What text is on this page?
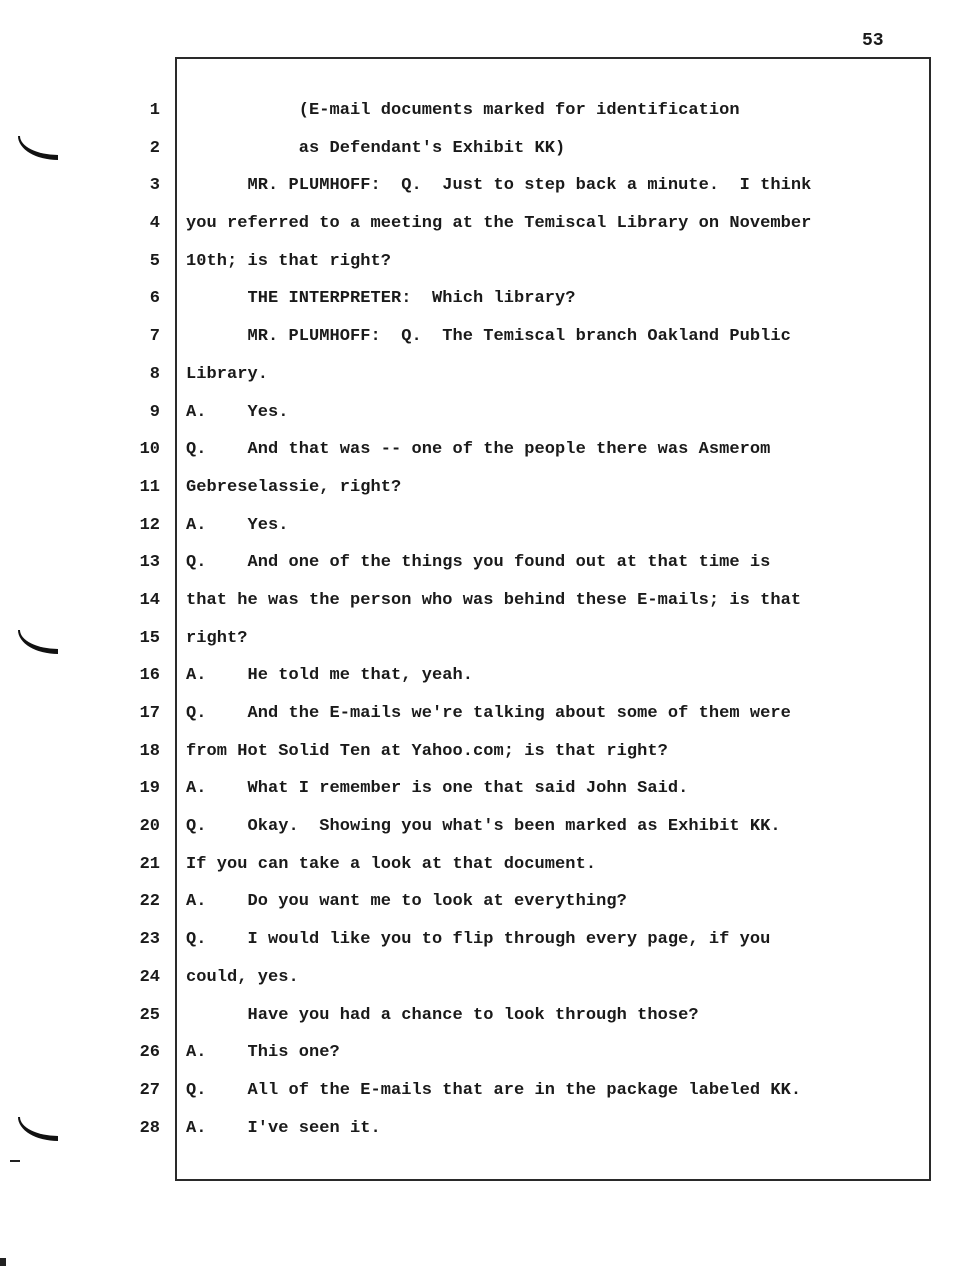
53
1
2
3
4
5
6
7
8
9
10
11
12
13
14
15
16
17
18
19
20
21
22
23
24
25
26
27
28
(E-mail documents marked for identification
as Defendant's Exhibit KK)
MR. PLUMHOFF:  Q.  Just to step back a minute.  I think
you referred to a meeting at the Temiscal Library on November
10th; is that right?
THE INTERPRETER:  Which library?
MR. PLUMHOFF:  Q.  The Temiscal branch Oakland Public
Library.
A.    Yes.
Q.    And that was -- one of the people there was Asmerom
Gebreselassie, right?
A.    Yes.
Q.    And one of the things you found out at that time is
that he was the person who was behind these E-mails; is that
right?
A.    He told me that, yeah.
Q.    And the E-mails we're talking about some of them were
from Hot Solid Ten at Yahoo.com; is that right?
A.    What I remember is one that said John Said.
Q.    Okay.  Showing you what's been marked as Exhibit KK.
If you can take a look at that document.
A.    Do you want me to look at everything?
Q.    I would like you to flip through every page, if you
could, yes.
Have you had a chance to look through those?
A.    This one?
Q.    All of the E-mails that are in the package labeled KK.
A.    I've seen it.
